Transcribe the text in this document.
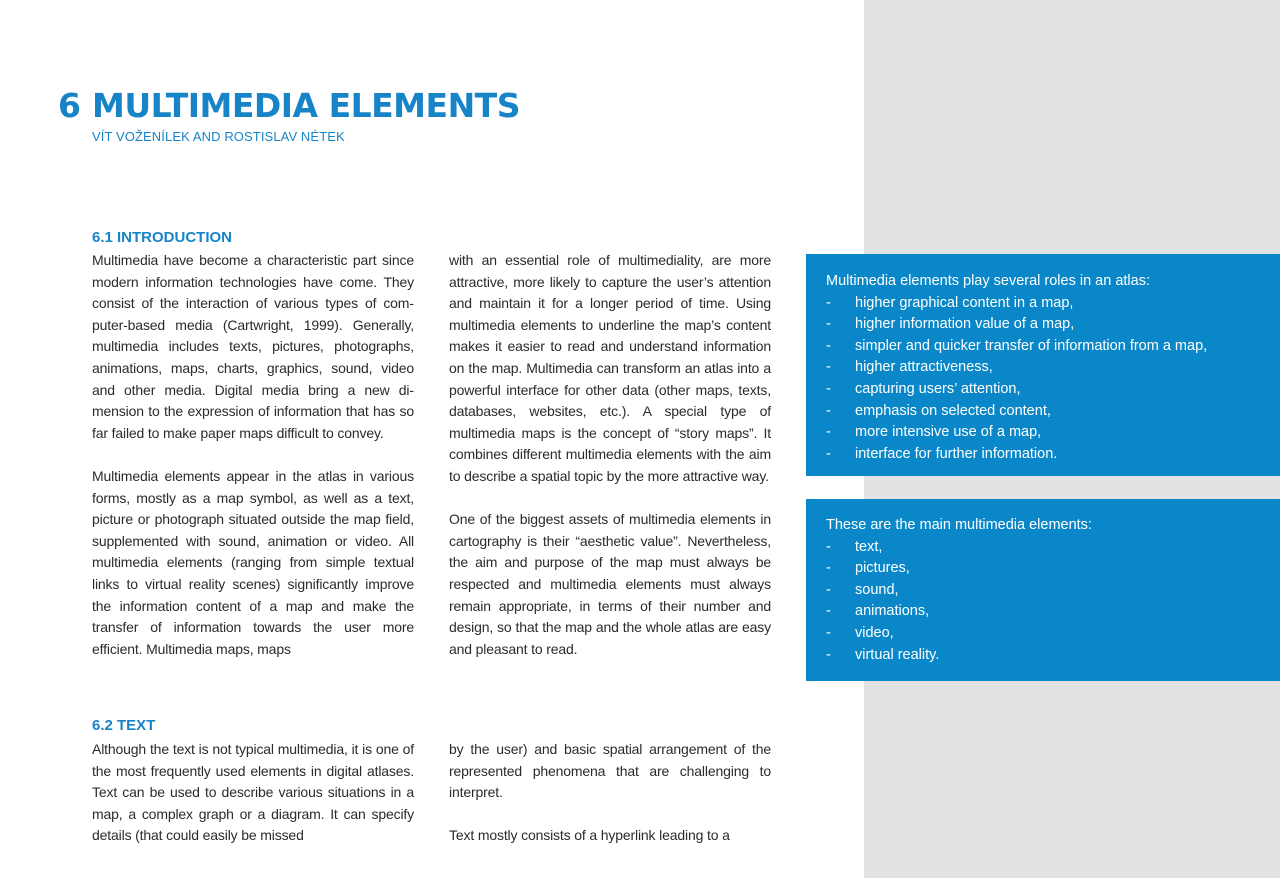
6 MULTIMEDIA ELEMENTS
VÍT VOŽENÍLEK AND ROSTISLAV NÉTEK
6.1 INTRODUCTION

Multimedia have become a characteristic part since modern information technologies have come. They consist of the interaction of various types of computer-based media (Cartwright, 1999). Generally, multimedia includes texts, pictures, photographs, animations, maps, charts, graphics, sound, video and other media. Digital media bring a new dimension to the expression of information that has so far failed to make paper maps difficult to convey.

Multimedia elements appear in the atlas in various forms, mostly as a map symbol, as well as a text, picture or photograph situated outside the map field, supplemented with sound, animation or video. All multimedia elements (ranging from simple textual links to virtual reality scenes) significantly improve the information content of a map and make the transfer of information towards the user more efficient. Multimedia maps, maps

with an essential role of multimediality, are more attractive, more likely to capture the user’s attention and maintain it for a longer period of time. Using multimedia elements to underline the map’s content makes it easier to read and understand information on the map. Multimedia can transform an atlas into a powerful interface for other data (other maps, texts, databases, websites, etc.). A special type of multimedia maps is the concept of “story maps”. It combines different multimedia elements with the aim to describe a spatial topic by the more attractive way.

One of the biggest assets of multimedia elements in cartography is their “aesthetic value”. Nevertheless, the aim and purpose of the map must always be respected and multimedia elements must always remain appropriate, in terms of their number and design, so that the map and the whole atlas are easy and pleasant to read.

6.2 TEXT

Although the text is not typical multimedia, it is one of the most frequently used elements in digital atlases. Text can be used to describe various situations in a map, a complex graph or a diagram. It can specify details (that could easily be missed

by the user) and basic spatial arrangement of the represented phenomena that are challenging to interpret.

Text mostly consists of a hyperlink leading to a

Multimedia elements play several roles in an atlas:
- higher graphical content in a map,
- higher information value of a map,
- simpler and quicker transfer of information from a map,
- higher attractiveness,
- capturing users’ attention,
- emphasis on selected content,
- more intensive use of a map,
- interface for further information.
These are the main multimedia elements:
- text,
- pictures,
- sound,
- animations,
- video,
- virtual reality.
